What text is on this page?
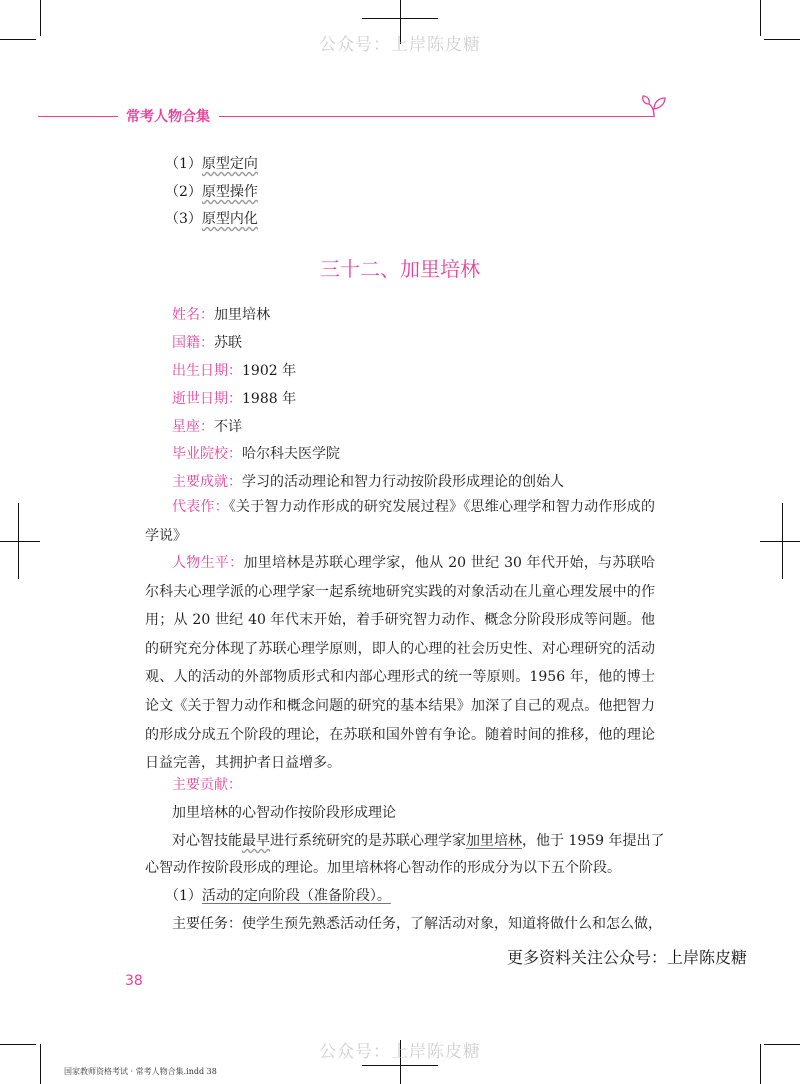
公众号：上岸陈皮糖
公众号：上岸陈皮糖
常考人物合集
（1）原型定向
（2）原型操作
（3）原型内化
三十二、加里培林
姓名：加里培林
国籍：苏联
出生日期：1902 年
逝世日期：1988 年
星座：不详
毕业院校：哈尔科夫医学院
主要成就：学习的活动理论和智力行动按阶段形成理论的创始人
代表作：《关于智力动作形成的研究发展过程》《思维心理学和智力动作形成的学说》
人物生平：加里培林是苏联心理学家，他从 20 世纪 30 年代开始，与苏联哈尔科夫心理学派的心理学家一起系统地研究实践的对象活动在儿童心理发展中的作用；从 20 世纪 40 年代末开始，着手研究智力动作、概念分阶段形成等问题。他的研究充分体现了苏联心理学原则，即人的心理的社会历史性、对心理研究的活动观、人的活动的外部物质形式和内部心理形式的统一等原则。1956 年，他的博士论文《关于智力动作和概念问题的研究的基本结果》加深了自己的观点。他把智力的形成分成五个阶段的理论，在苏联和国外曾有争论。随着时间的推移，他的理论日益完善，其拥护者日益增多。
主要贡献：
加里培林的心智动作按阶段形成理论
对心智技能最早进行系统研究的是苏联心理学家加里培林，他于 1959 年提出了
心智动作按阶段形成的理论。加里培林将心智动作的形成分为以下五个阶段。
（1）活动的定向阶段（准备阶段）。
主要任务：使学生预先熟悉活动任务，了解活动对象，知道将做什么和怎么做，
更多资料关注公众号：上岸陈皮糖
38
国家教师资格考试 · 常考人物合集.indd 38
